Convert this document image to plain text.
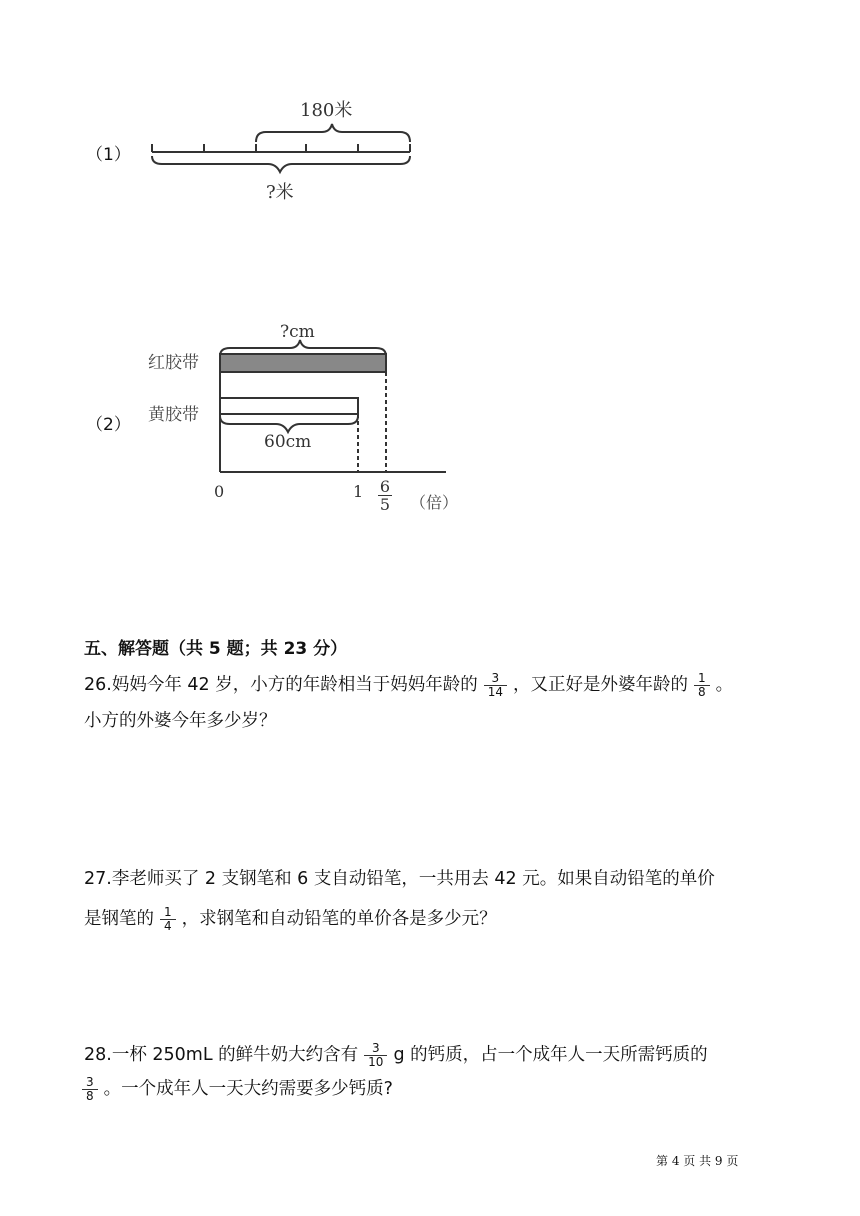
（1）
180米
?米
（2）
红胶带
黄胶带
?cm
60cm
0	1 6
5 （倍）
五、解答题（共 5 题；共 23 分）
26.妈妈今年 42 岁，小方的年龄相当于妈妈年龄的 $\frac{3}{14}$ ，又正好是外婆年龄的 $\frac{1}{8}$ 。
小方的外婆今年多少岁？
27.李老师买了 2 支钢笔和 6 支自动铅笔，一共用去 42 元。如果自动铅笔的单价
是钢笔的 $\frac{1}{4}$ ，求钢笔和自动铅笔的单价各是多少元？
28.一杯 250mL 的鲜牛奶大约含有 $\frac{3}{10}$ g 的钙质，占一个成年人一天所需钙质的
$\frac{3}{8}$ 。一个成年人一天大约需要多少钙质?
第 4 页 共 9 页
